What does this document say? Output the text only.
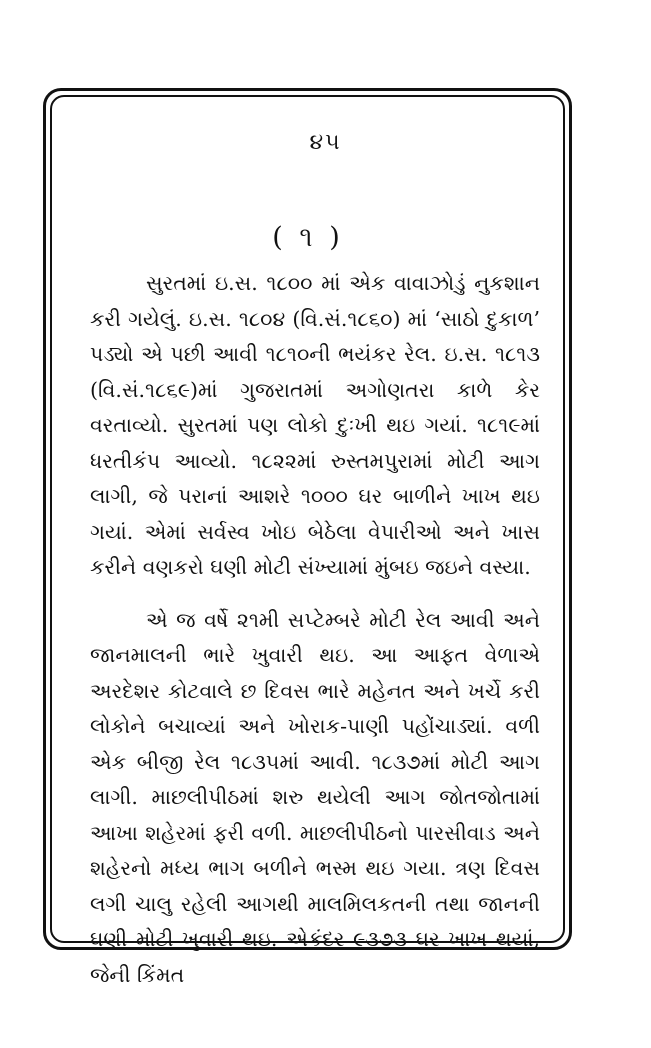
૪૫
( ૧ )

સુરતમાં ઇ.સ. ૧૮૦૦ માં એક વાવાઝોડું નુકશાન કરી ગયેલું. ઇ.સ. ૧૮૦૪ (વિ.સં.૧૮૬૦) માં ‘સાઠો દુકાળ’ પડ્યો એ પછી આવી ૧૮૧૦ની ભયંકર રેલ. ઇ.સ. ૧૮૧૩ (વિ.સં.૧૮૬૯)માં ગુજરાતમાં અગોણતરા કાળે કેર વરતાવ્યો. સુરતમાં પણ લોકો દુઃખી થઇ ગયાં. ૧૮૧૯માં ધરતીકંપ આવ્યો. ૧૮૨૨માં રુસ્તમપુરામાં મોટી આગ લાગી, જે પરાનાં આશરે ૧૦૦૦ ઘર બાળીને ખાખ થઇ ગયાં. એમાં સર્વસ્વ ખોઇ બેઠેલા વેપારીઓ અને ખાસ કરીને વણકરો ઘણી મોટી સંખ્યામાં મુંબઇ જઇને વસ્યા.

એ જ વર્ષે ૨૧મી સપ્ટેમ્બરે મોટી રેલ આવી અને જાનમાલની ભારે ખુવારી થઇ. આ આફત વેળાએ અરદેશર કોટવાલે છ દિવસ ભારે મહેનત અને ખર્ચે કરી લોકોને બચાવ્યાં અને ખોરાક-પાણી પહોંચાડ્યાં. વળી એક બીજી રેલ ૧૮૩૫માં આવી. ૧૮૩૭માં મોટી આગ લાગી. માછલીપીઠમાં શરુ થયેલી આગ જોતજોતામાં આખા શહેરમાં ફરી વળી. માછલીપીઠનો પારસીવાડ અને શહેરનો મધ્ય ભાગ બળીને ભસ્મ થઇ ગયા. ત્રણ દિવસ લગી ચાલુ રહેલી આગથી માલમિલકતની તથા જાનની ઘણી મોટી ખુવારી થઇ. એકંદર ૯૩૭૩ ઘર ખાખ થયાં, જેની કિંમત
